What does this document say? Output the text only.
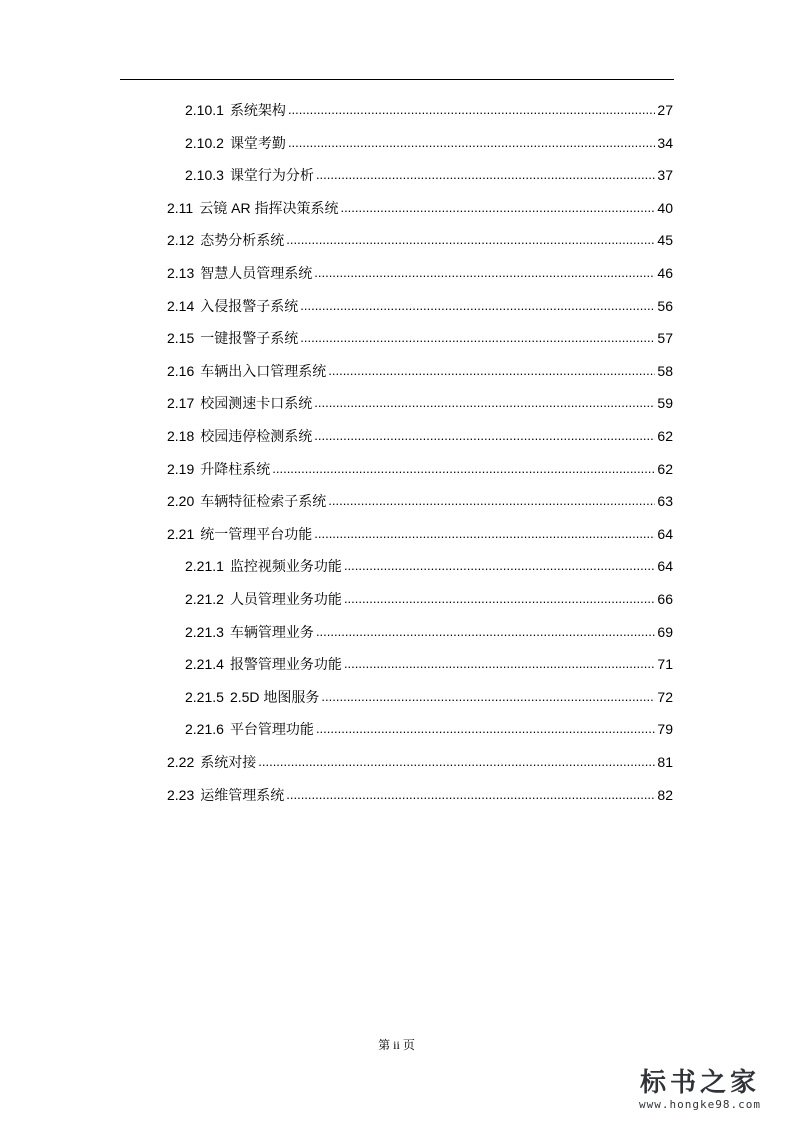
2.10.1 系统架构 .....	27
2.10.2 课堂考勤 .....	34
2.10.3 课堂行为分析 .....	37
2.11 云镜 AR 指挥决策系统 .....	40
2.12 态势分析系统 .....	45
2.13 智慧人员管理系统 .....	46
2.14 入侵报警子系统 .....	56
2.15 一键报警子系统 .....	57
2.16 车辆出入口管理系统 .....	58
2.17 校园测速卡口系统 .....	59
2.18 校园违停检测系统 .....	62
2.19 升降柱系统 .....	62
2.20 车辆特征检索子系统 .....	63
2.21 统一管理平台功能 .....	64
2.21.1 监控视频业务功能 .....	64
2.21.2 人员管理业务功能 .....	66
2.21.3 车辆管理业务 .....	69
2.21.4 报警管理业务功能 .....	71
2.21.5 2.5D 地图服务 .....	72
2.21.6 平台管理功能 .....	79
2.22 系统对接 .....	81
2.23 运维管理系统 .....	82
第 ii 页
标书之家
www.hongke98.com
